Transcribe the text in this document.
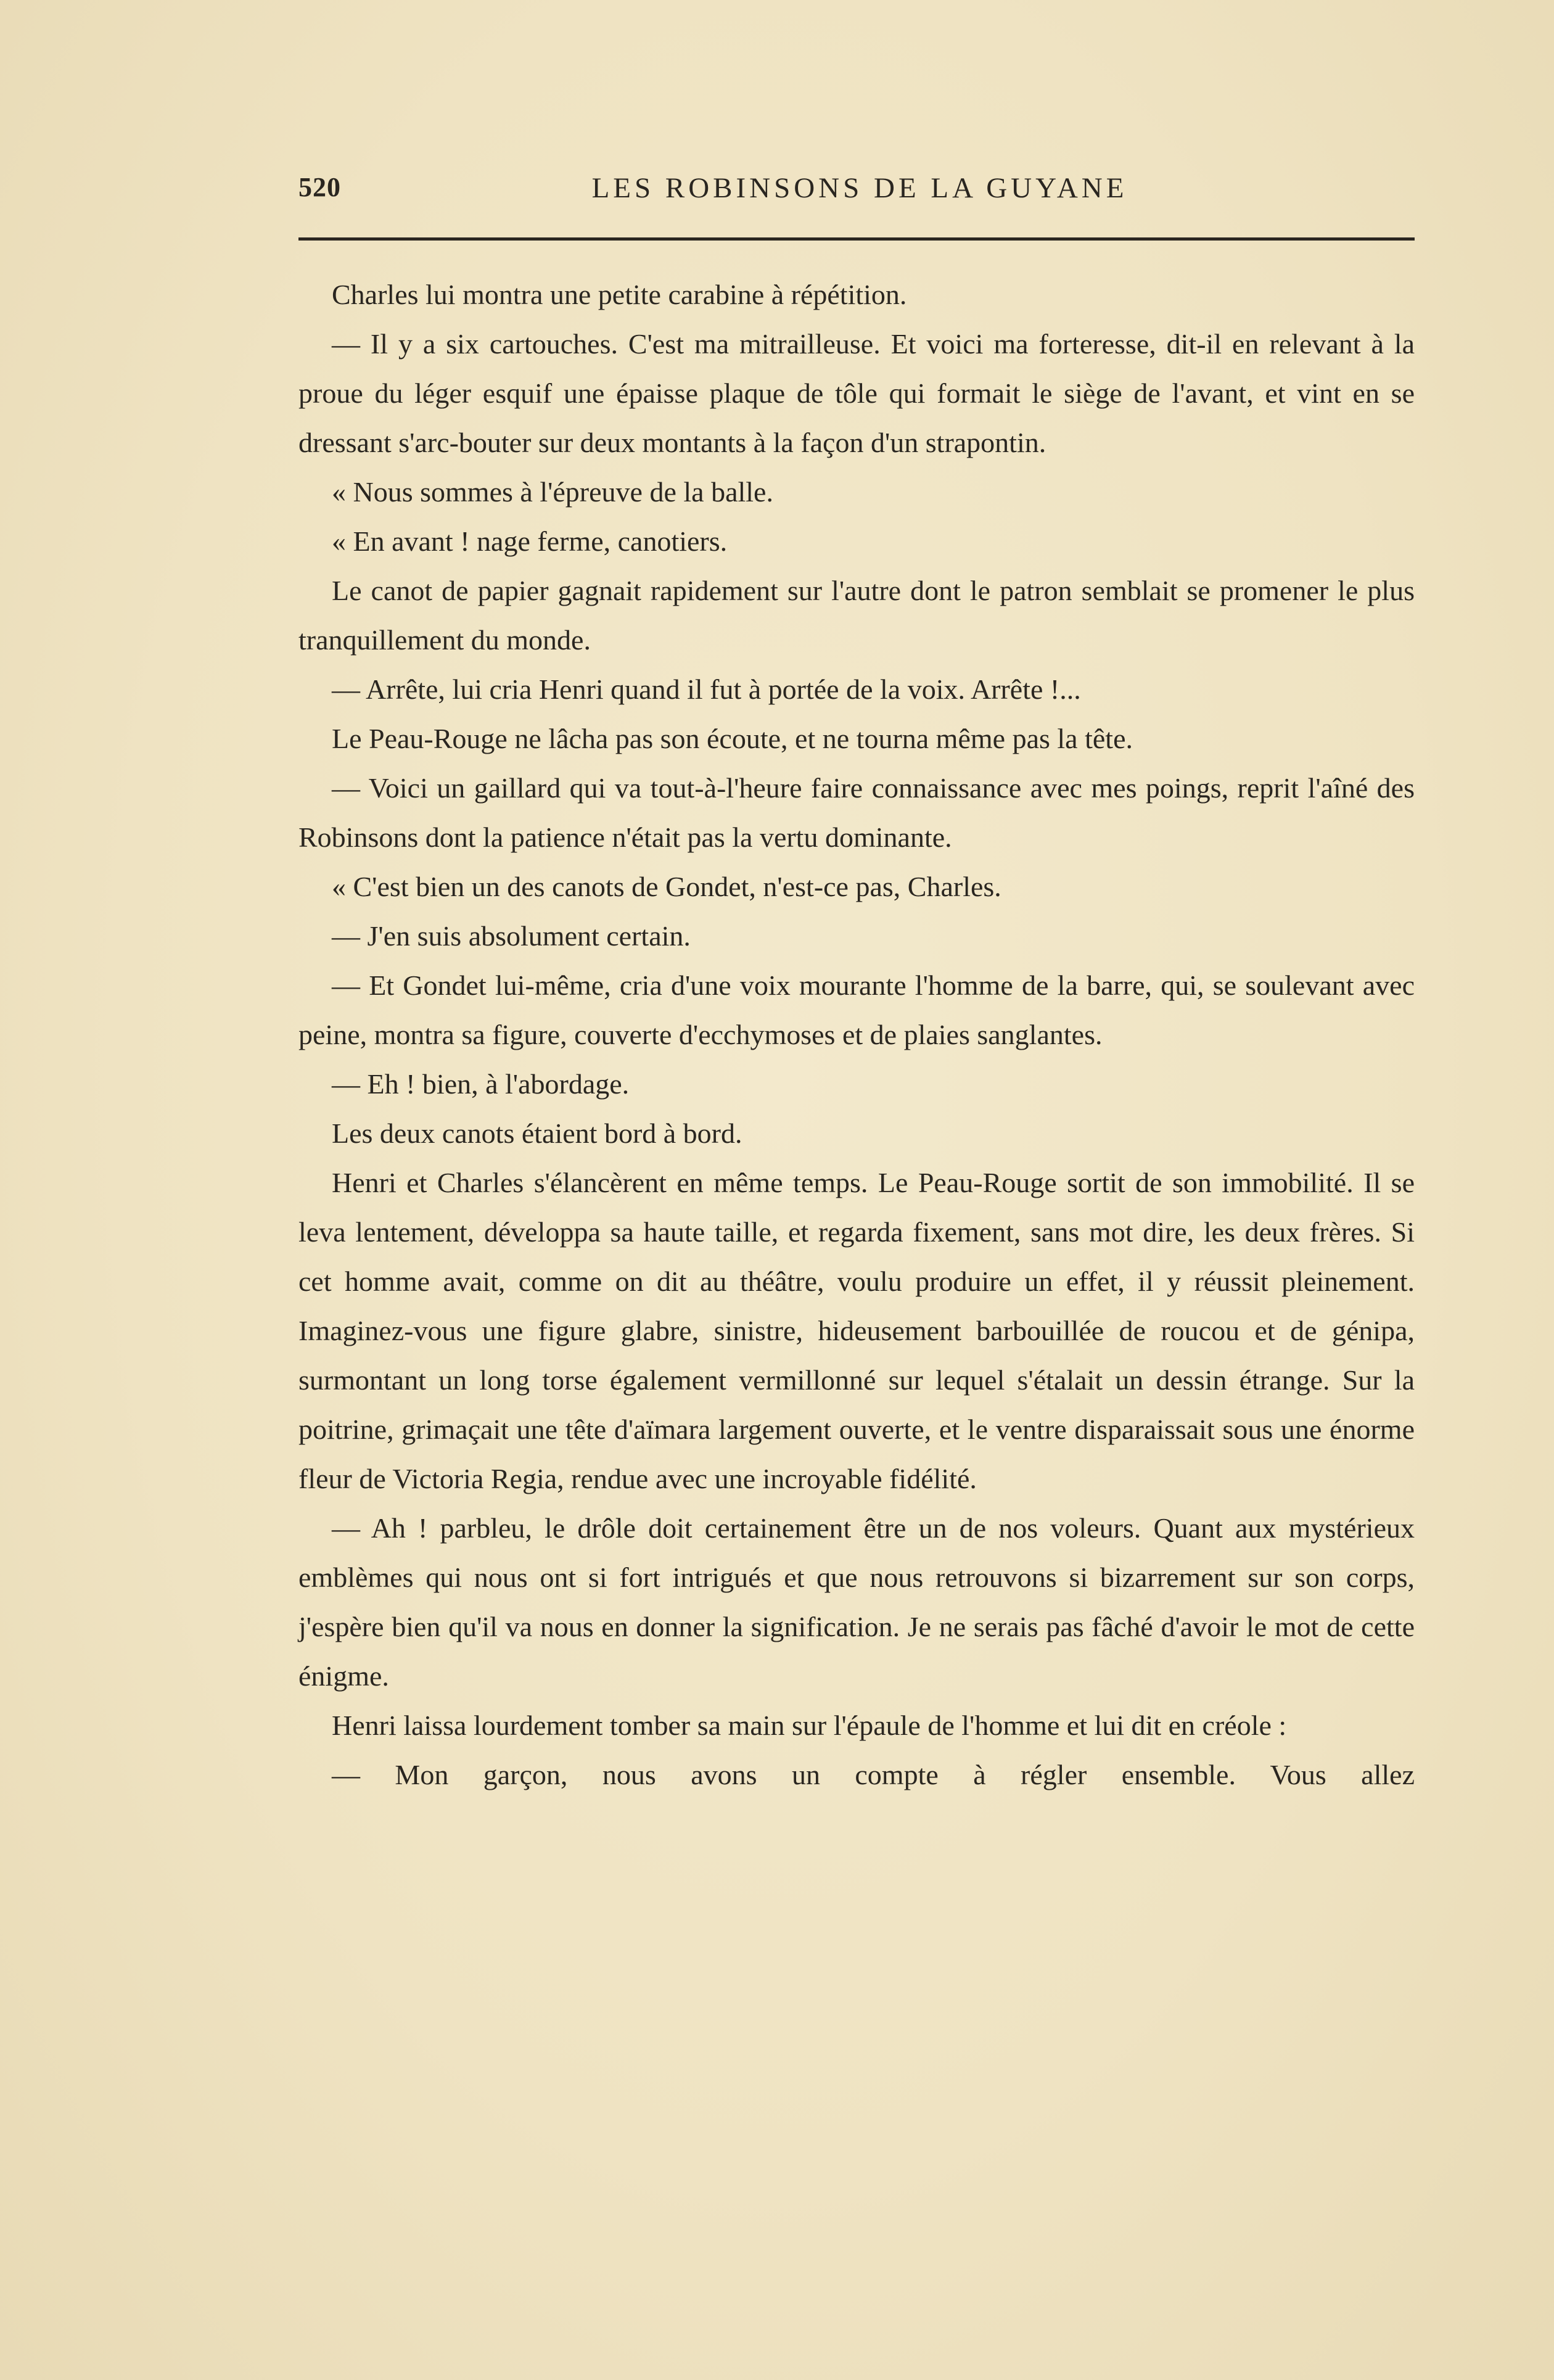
520	LES ROBINSONS DE LA GUYANE

Charles lui montra une petite carabine à répétition.

— Il y a six cartouches. C'est ma mitrailleuse. Et voici ma forteresse, dit-il en relevant à la proue du léger esquif une épaisse plaque de tôle qui formait le siège de l'avant, et vint en se dressant s'arc-bouter sur deux montants à la façon d'un strapontin.

« Nous sommes à l'épreuve de la balle.

« En avant ! nage ferme, canotiers.

Le canot de papier gagnait rapidement sur l'autre dont le patron semblait se promener le plus tranquillement du monde.

— Arrête, lui cria Henri quand il fut à portée de la voix. Arrête !...

Le Peau-Rouge ne lâcha pas son écoute, et ne tourna même pas la tête.

— Voici un gaillard qui va tout-à-l'heure faire connaissance avec mes poings, reprit l'aîné des Robinsons dont la patience n'était pas la vertu dominante.

« C'est bien un des canots de Gondet, n'est-ce pas, Charles.

— J'en suis absolument certain.

— Et Gondet lui-même, cria d'une voix mourante l'homme de la barre, qui, se soulevant avec peine, montra sa figure, couverte d'ecchymoses et de plaies sanglantes.

— Eh ! bien, à l'abordage.

Les deux canots étaient bord à bord.

Henri et Charles s'élancèrent en même temps. Le Peau-Rouge sortit de son immobilité. Il se leva lentement, développa sa haute taille, et regarda fixement, sans mot dire, les deux frères. Si cet homme avait, comme on dit au théâtre, voulu produire un effet, il y réussit pleinement. Imaginez-vous une figure glabre, sinistre, hideusement barbouillée de roucou et de génipa, surmontant un long torse également vermillonné sur lequel s'étalait un dessin étrange. Sur la poitrine, grimaçait une tête d'aïmara largement ouverte, et le ventre disparaissait sous une énorme fleur de Victoria Regia, rendue avec une incroyable fidélité.

— Ah ! parbleu, le drôle doit certainement être un de nos voleurs. Quant aux mystérieux emblèmes qui nous ont si fort intrigués et que nous retrouvons si bizarrement sur son corps, j'espère bien qu'il va nous en donner la signification. Je ne serais pas fâché d'avoir le mot de cette énigme.

Henri laissa lourdement tomber sa main sur l'épaule de l'homme et lui dit en créole :

— Mon garçon, nous avons un compte à régler ensemble. Vous allez
